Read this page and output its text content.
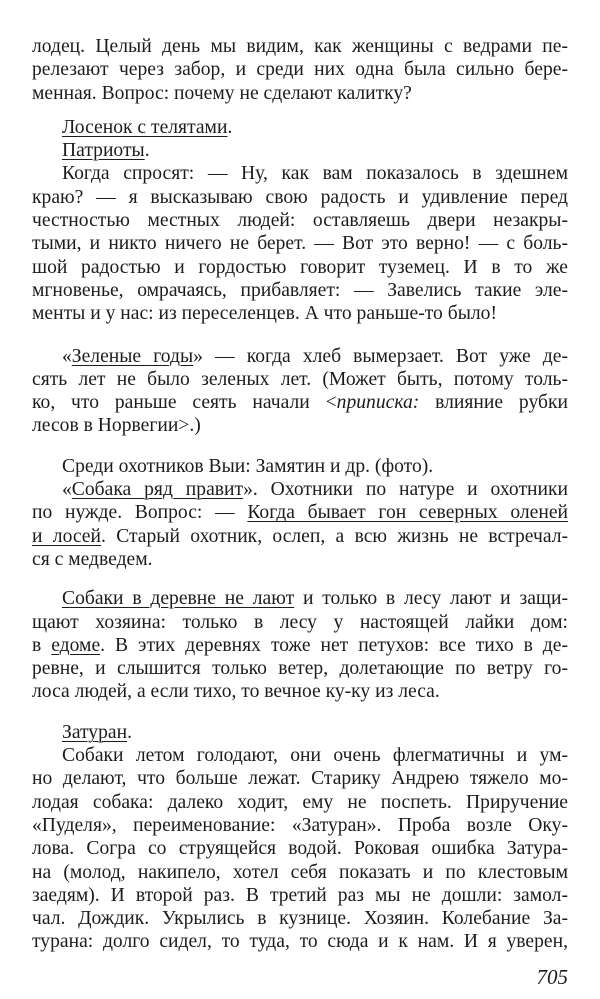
лодец. Целый день мы видим, как женщины с ведрами пе-
релезают через забор, и среди них одна была сильно бере-
менная. Вопрос: почему не сделают калитку?
Лосенок с телятами.
Патриоты.
Когда спросят: — Ну, как вам показалось в здешнем
краю? — я высказываю свою радость и удивление перед
честностью местных людей: оставляешь двери незакры-
тыми, и никто ничего не берет. — Вот это верно! — с боль-
шой радостью и гордостью говорит туземец. И в то же
мгновенье, омрачаясь, прибавляет: — Завелись такие эле-
менты и у нас: из переселенцев. А что раньше-то было!
«Зеленые годы» — когда хлеб вымерзает. Вот уже де-
сять лет не было зеленых лет. (Может быть, потому толь-
ко, что раньше сеять начали <приписка: влияние рубки
лесов в Норвегии>.)
Среди охотников Выи: Замятин и др. (фото).
«Собака ряд правит». Охотники по натуре и охотники
по нужде. Вопрос: — Когда бывает гон северных оленей
и лосей. Старый охотник, ослеп, а всю жизнь не встречал-
ся с медведем.
Собаки в деревне не лают и только в лесу лают и защи-
щают хозяина: только в лесу у настоящей лайки дом:
в едоме. В этих деревнях тоже нет петухов: все тихо в де-
ревне, и слышится только ветер, долетающие по ветру го-
лоса людей, а если тихо, то вечное ку-ку из леса.
Затуран.
Собаки летом голодают, они очень флегматичны и ум-
но делают, что больше лежат. Старику Андрею тяжело мо-
лодая собака: далеко ходит, ему не поспеть. Приручение
«Пуделя», переименование: «Затуран». Проба возле Оку-
лова. Согра со струящейся водой. Роковая ошибка Затура-
на (молод, накипело, хотел себя показать и по клестовым
заедям). И второй раз. В третий раз мы не дошли: замол-
чал. Дождик. Укрылись в кузнице. Хозяин. Колебание За-
турана: долго сидел, то туда, то сюда и к нам. И я уверен,
705
